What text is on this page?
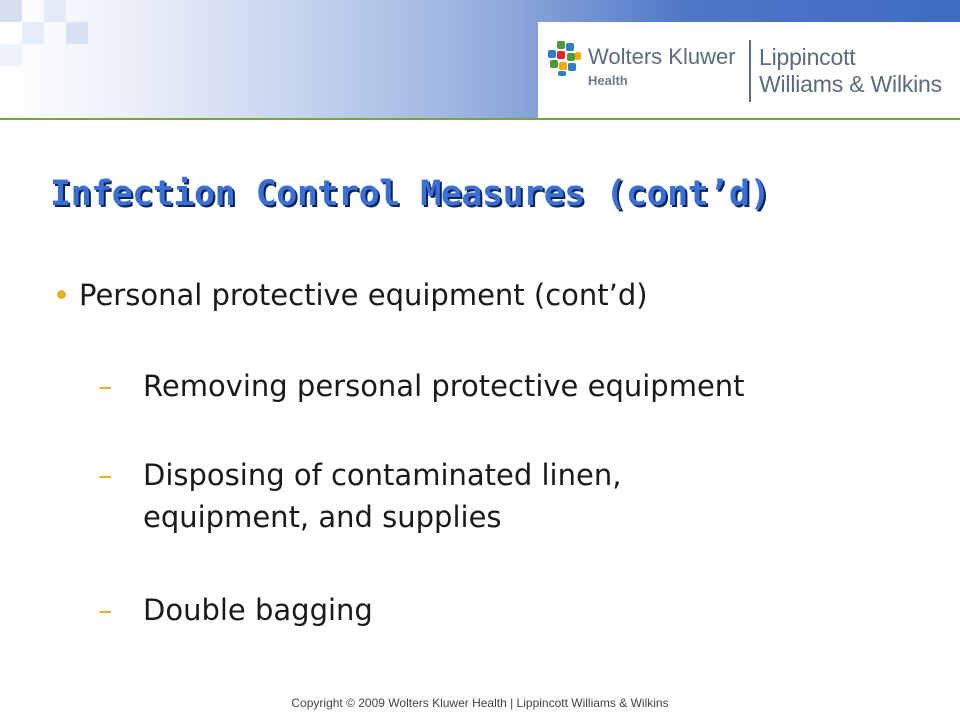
Wolters Kluwer
Health
Lippincott
Williams & Wilkins
Infection Control Measures (cont’d)
Personal protective equipment (cont’d)
– Removing personal protective equipment
– Disposing of contaminated linen,
equipment, and supplies
– Double bagging
Copyright © 2009 Wolters Kluwer Health | Lippincott Williams & Wilkins
